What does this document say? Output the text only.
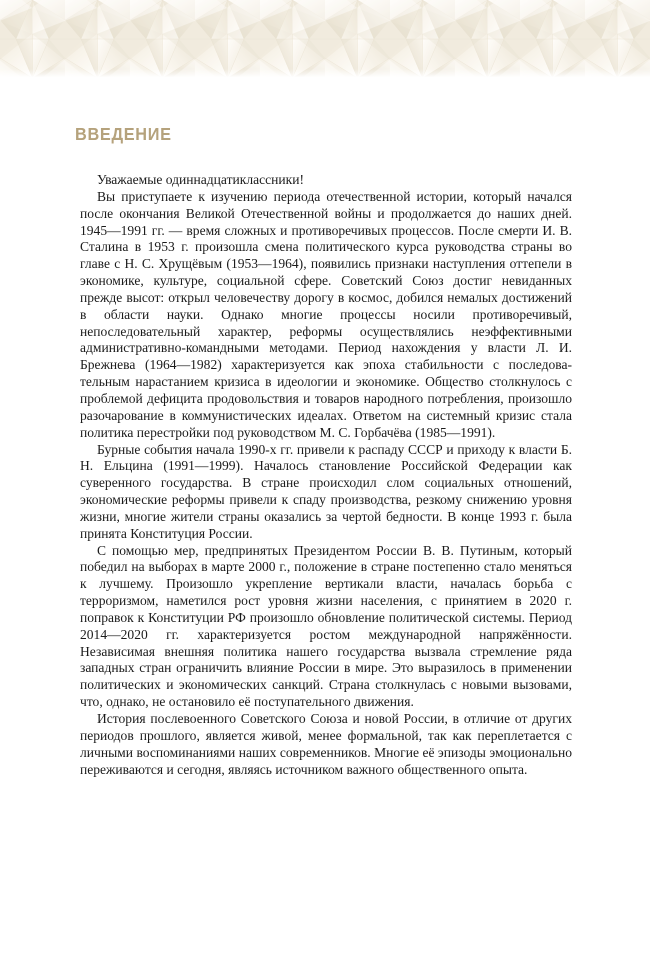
ВВЕДЕНИЕ

Уважаемые одиннадцатиклассники!

Вы приступаете к изучению периода отечественной истории, который начался после окончания Великой Отечественной войны и продолжается до наших дней. 1945—1991 гг. — время сложных и противоречивых процессов. После смерти И. В. Сталина в 1953 г. произошла смена политического курса руководства страны во главе с Н. С. Хрущёвым (1953—1964), появились признаки наступления оттепели в экономике, культуре, социальной сфере. Советский Союз достиг невиданных прежде высот: открыл человечеству дорогу в космос, добился немалых достижений в области науки. Однако многие процессы носили противоречивый, непоследовательный характер, реформы осуществлялись неэффективными административно-командными методами. Период нахождения у власти Л. И. Брежнева (1964—1982) характеризуется как эпоха стабильности с последовательным нарастанием кризиса в идеологии и экономике. Общество столкнулось с проблемой дефицита продовольствия и товаров народного потребления, произошло разочарование в коммунистических идеалах. Ответом на системный кризис стала политика перестройки под руководством М. С. Горбачёва (1985—1991).

Бурные события начала 1990-х гг. привели к распаду СССР и приходу к власти Б. Н. Ельцина (1991—1999). Началось становление Российской Федерации как суверенного государства. В стране происходил слом социальных отношений, экономические реформы привели к спаду производства, резкому снижению уровня жизни, многие жители страны оказались за чертой бедности. В конце 1993 г. была принята Конституция России.

С помощью мер, предпринятых Президентом России В. В. Путиным, который победил на выборах в марте 2000 г., положение в стране постепенно стало меняться к лучшему. Произошло укрепление вертикали власти, началась борьба с терроризмом, наметился рост уровня жизни населения, с принятием в 2020 г. поправок к Конституции РФ произошло обновление политической системы. Период 2014—2020 гг. характеризуется ростом международной напряжённости. Независимая внешняя политика нашего государства вызвала стремление ряда западных стран ограничить влияние России в мире. Это выразилось в применении политических и экономических санкций. Страна столкнулась с новыми вызовами, что, однако, не остановило её поступательного движения.

История послевоенного Советского Союза и новой России, в отличие от других периодов прошлого, является живой, менее формальной, так как переплетается с личными воспоминаниями наших современников. Многие её эпизоды эмоционально переживаются и сегодня, являясь источником важного общественного опыта.
